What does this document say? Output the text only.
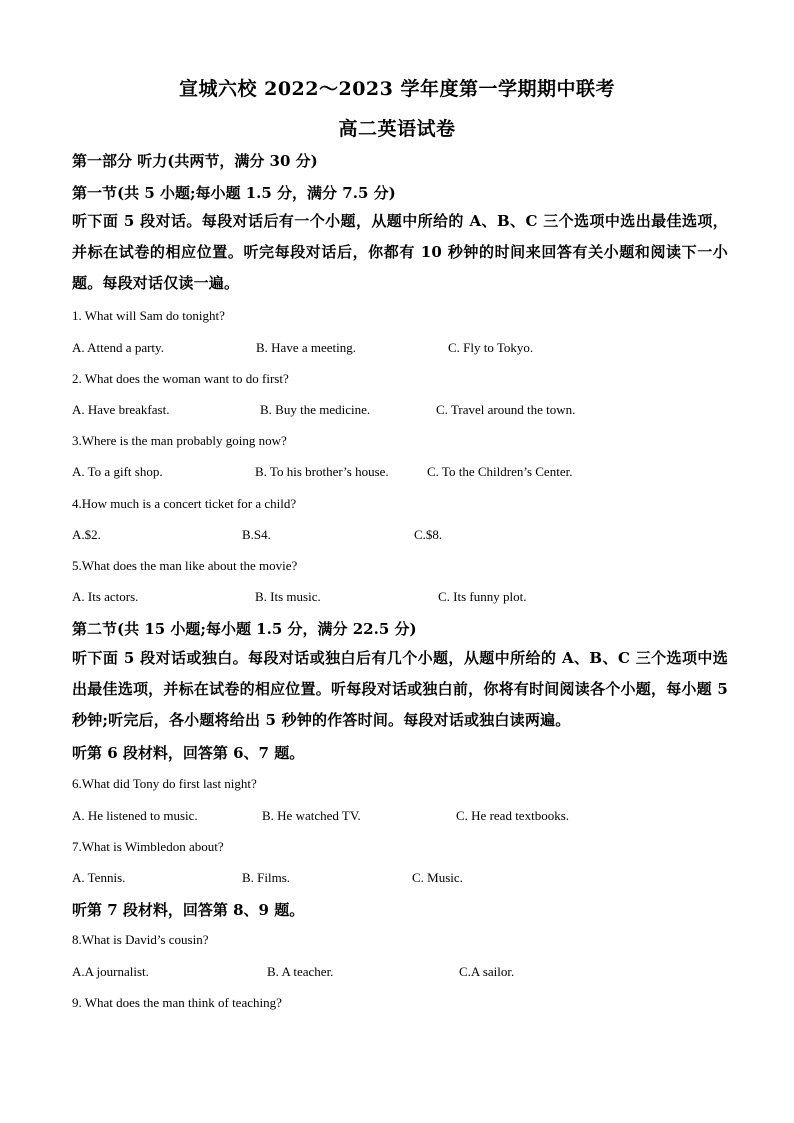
宣城六校 2022～2023 学年度第一学期期中联考
高二英语试卷
第一部分 听力(共两节，满分 30 分)
第一节(共 5 小题;每小题 1.5 分，满分 7.5 分)
听下面 5 段对话。每段对话后有一个小题，从题中所给的 A、B、C 三个选项中选出最佳选项，并标在试卷的相应位置。听完每段对话后，你都有 10 秒钟的时间来回答有关小题和阅读下一小题。每段对话仅读一遍。
1. What will Sam do tonight?
A. Attend a party.	B. Have a meeting.	C. Fly to Tokyo.
2. What does the woman want to do first?
A. Have breakfast.	B. Buy the medicine.	C. Travel around the town.
3.Where is the man probably going now?
A. To a gift shop.	B. To his brother’s house.	C. To the Children’s Center.
4.How much is a concert ticket for a child?
A.$2.	B.S4.	C.$8.
5.What does the man like about the movie?
A. Its actors.	B. Its music.	C. Its funny plot.
第二节(共 15 小题;每小题 1.5 分，满分 22.5 分)
听下面 5 段对话或独白。每段对话或独白后有几个小题，从题中所给的 A、B、C 三个选项中选出最佳选项，并标在试卷的相应位置。听每段对话或独白前，你将有时间阅读各个小题，每小题 5 秒钟;听完后，各小题将给出 5 秒钟的作答时间。每段对话或独白读两遍。
听第 6 段材料，回答第 6、7 题。
6.What did Tony do first last night?
A. He listened to music.	B. He watched TV.	C. He read textbooks.
7.What is Wimbledon about?
A. Tennis.	B. Films.	C. Music.
听第 7 段材料，回答第 8、9 题。
8.What is David’s cousin?
A.A journalist.	B. A teacher.	C.A sailor.
9. What does the man think of teaching?
